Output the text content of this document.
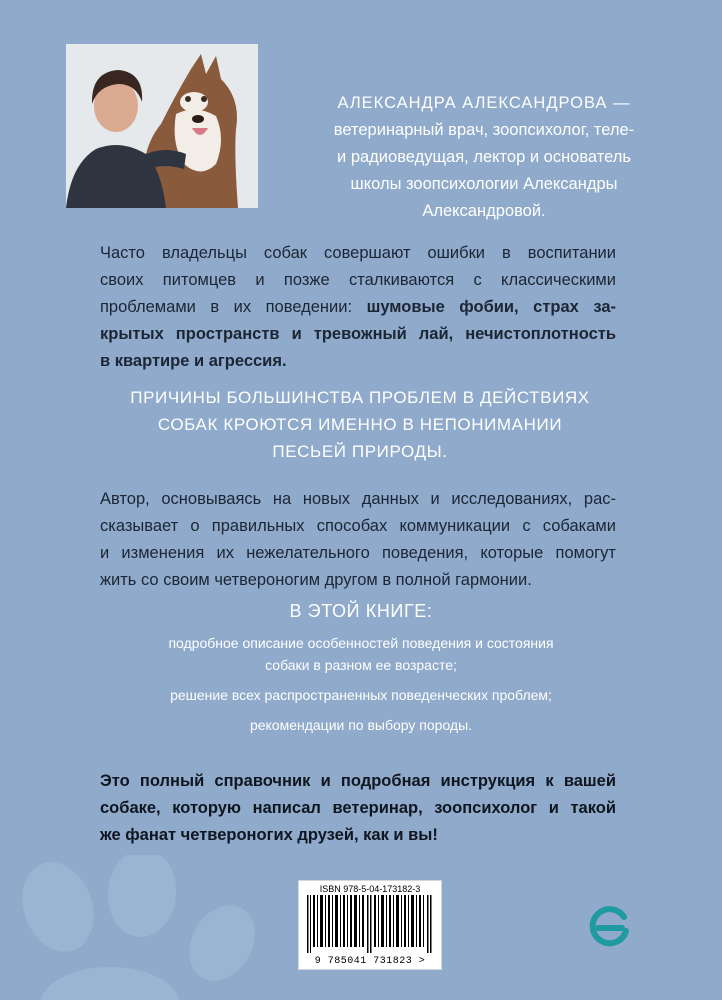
АЛЕКСАНДРА АЛЕКСАНДРОВА —
ветеринарный врач, зоопсихолог, теле-
и радиоведущая, лектор и основатель
школы зоопсихологии Александры
Александровой.
Часто владельцы собак совершают ошибки в воспитании
своих питомцев и позже сталкиваются с классическими
проблемами в их поведении: шумовые фобии, страх за-
крытых пространств и тревожный лай, нечистоплотность
в квартире и агрессия.
ПРИЧИНЫ БОЛЬШИНСТВА ПРОБЛЕМ В ДЕЙСТВИЯХ
СОБАК КРОЮТСЯ ИМЕННО В НЕПОНИМАНИИ
ПЕСЬЕЙ ПРИРОДЫ.
Автор, основываясь на новых данных и исследованиях, рас-
сказывает о правильных способах коммуникации с собаками
и изменения их нежелательного поведения, которые помогут
жить со своим четвероногим другом в полной гармонии.
В ЭТОЙ КНИГЕ:
подробное описание особенностей поведения и состояния
собаки в разном ее возрасте;
решение всех распространенных поведенческих проблем;
рекомендации по выбору породы.
Это полный справочник и подробная инструкция к вашей
собаке, которую написал ветеринар, зоопсихолог и такой
же фанат четвероногих друзей, как и вы!
ISBN 978-5-04-173182-3
9 785041 731823 >
